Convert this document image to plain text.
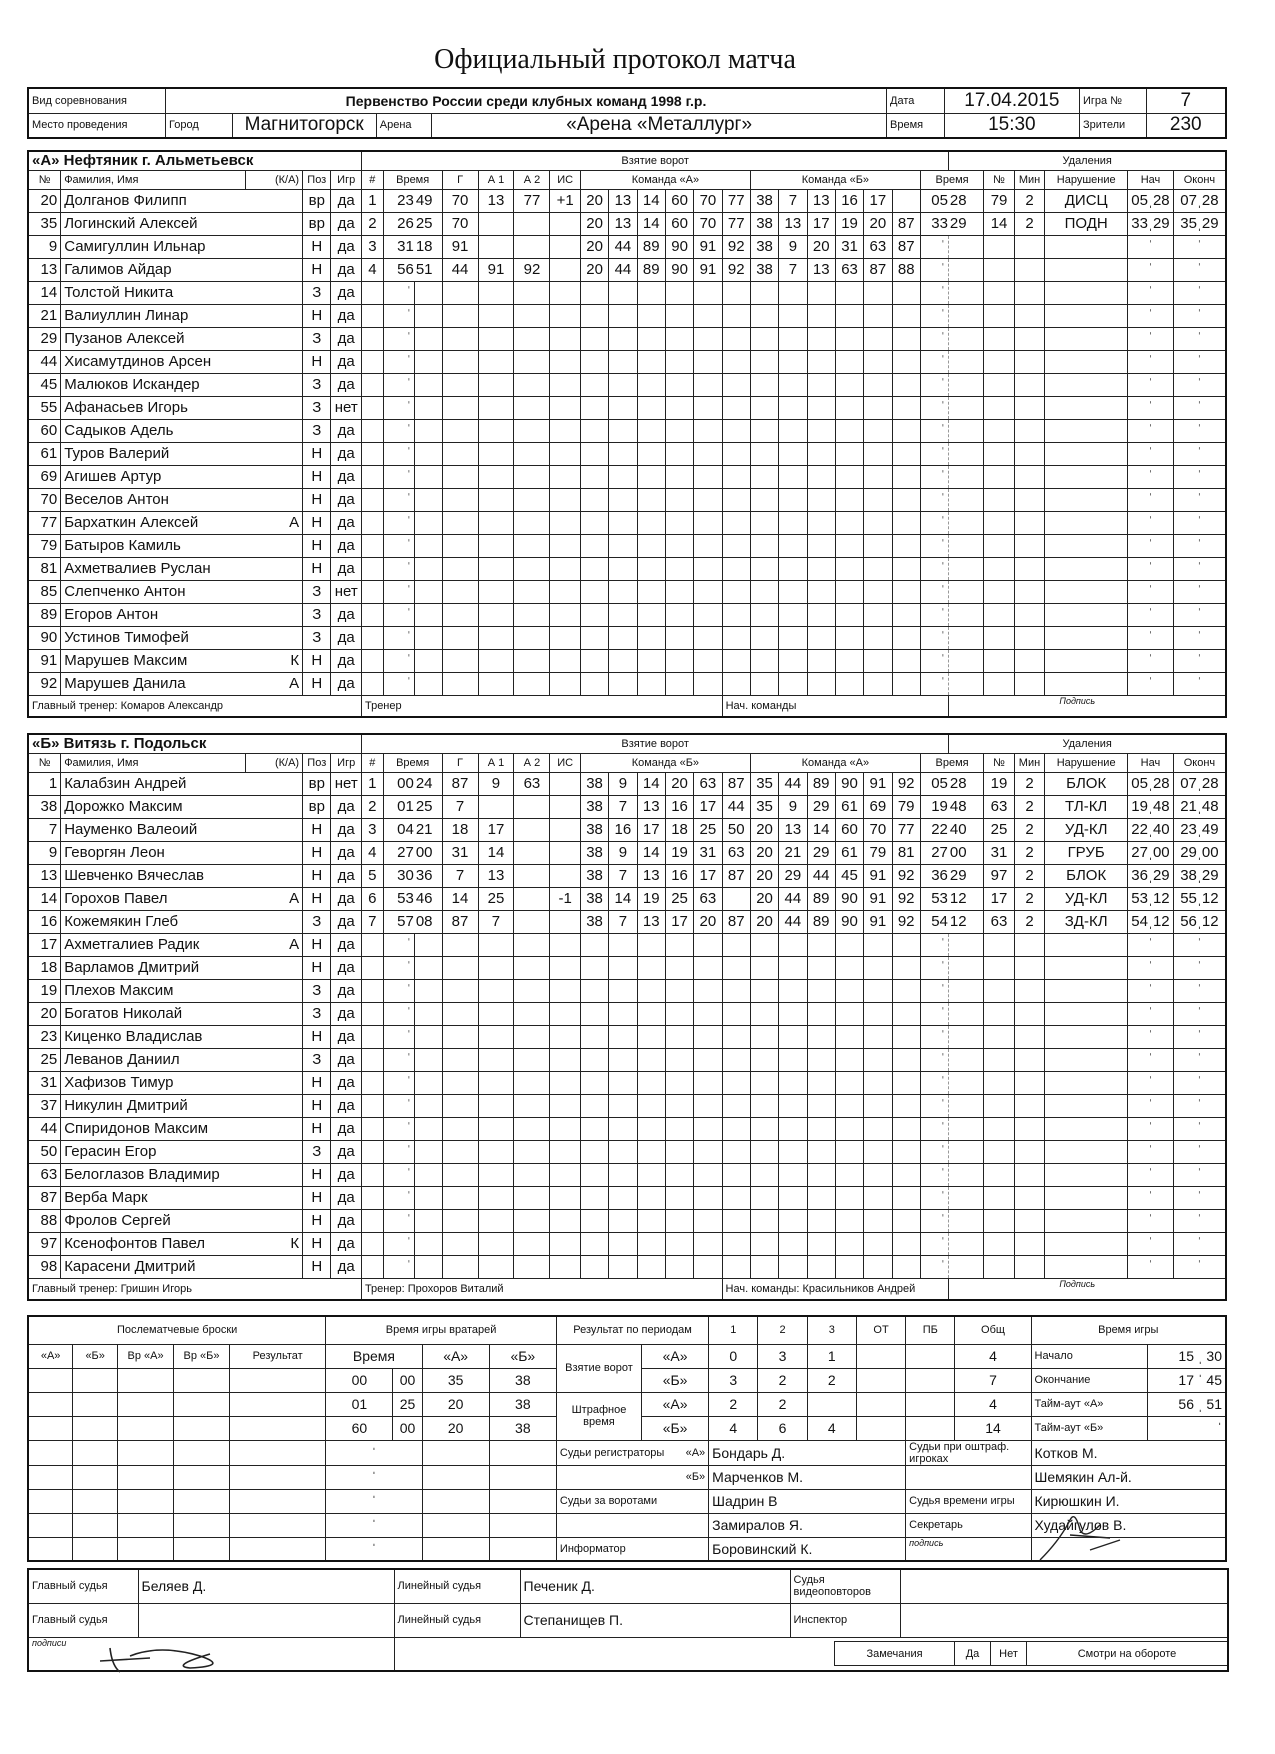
Официальный протокол матча
Вид соревнования	Первенство России среди клубных команд 1998 г.р.				Дата	17.04.2015	Игра №	7
Место проведения	Город	Магнитогорск	Арена	«Арена «Металлург»	Время	15:30	Зрители	230
«А» Нефтяник г. Альметьевск					Взятие ворот																				Удаления					
№	Фамилия, Имя	(К/А)	Поз	Игр	#	Время		Г	А 1	А 2	ИС	Команда «А»						Команда «Б»						Время		№	Мин	Нарушение	Нач	Оконч
20	Долганов Филипп		вр	да	1	23	49	70	13	77	+1	20	13	14	60	70	77	38	7	13	16	17		05	28	79	2	ДИСЦ	05ˌ28	07ˌ28
35	Логинский Алексей		вр	да	2	26	25	70				20	13	14	60	70	77	38	13	17	19	20	87	33	29	14	2	ПОДН	33ˌ29	35ˌ29
9	Самигуллин Ильнар		Н	да	3	31	18	91				20	44	89	90	91	92	38	9	20	31	63	87	ˈ					ˈ	ˈ
13	Галимов Айдар		Н	да	4	56	51	44	91	92		20	44	89	90	91	92	38	7	13	63	87	88	ˈ					ˈ	ˈ
14	Толстой Никита		З	да		ˈ																		ˈ					ˈ	ˈ
21	Валиуллин Линар		Н	да		ˈ																		ˈ					ˈ	ˈ
29	Пузанов Алексей		З	да		ˈ																		ˈ					ˈ	ˈ
44	Хисамутдинов Арсен		Н	да		ˈ																		ˈ					ˈ	ˈ
45	Малюков Искандер		З	да		ˈ																		ˈ					ˈ	ˈ
55	Афанасьев Игорь		З	нет		ˈ																		ˈ					ˈ	ˈ
60	Садыков Адель		З	да		ˈ																		ˈ					ˈ	ˈ
61	Туров Валерий		Н	да		ˈ																		ˈ					ˈ	ˈ
69	Агишев Артур		Н	да		ˈ																		ˈ					ˈ	ˈ
70	Веселов Антон		Н	да		ˈ																		ˈ					ˈ	ˈ
77	Бархаткин Алексей	А	Н	да		ˈ																		ˈ					ˈ	ˈ
79	Батыров Камиль		Н	да		ˈ																		ˈ					ˈ	ˈ
81	Ахметвалиев Руслан		Н	да		ˈ																		ˈ					ˈ	ˈ
85	Слепченко Антон		З	нет		ˈ																		ˈ					ˈ	ˈ
89	Егоров Антон		З	да		ˈ																		ˈ					ˈ	ˈ
90	Устинов Тимофей		З	да		ˈ																		ˈ					ˈ	ˈ
91	Марушев Максим	К	Н	да		ˈ																		ˈ					ˈ	ˈ
92	Марушев Данила	А	Н	да		ˈ																		ˈ					ˈ	ˈ
Главный тренер: Комаров Александр					Тренер												Нач. команды								Подпись					
«Б» Витязь г. Подольск					Взятие ворот																				Удаления					
№	Фамилия, Имя	(К/А)	Поз	Игр	#	Время		Г	А 1	А 2	ИС	Команда «Б»						Команда «А»						Время		№	Мин	Нарушение	Нач	Оконч
1	Калабзин Андрей		вр	нет	1	00	24	87	9	63		38	9	14	20	63	87	35	44	89	90	91	92	05	28	19	2	БЛОК	05ˌ28	07ˌ28
38	Дорожко Максим		вр	да	2	01	25	7				38	7	13	16	17	44	35	9	29	61	69	79	19	48	63	2	ТЛ-КЛ	19ˌ48	21ˌ48
7	Науменко Валеоий		Н	да	3	04	21	18	17			38	16	17	18	25	50	20	13	14	60	70	77	22	40	25	2	УД-КЛ	22ˌ40	23ˌ49
9	Геворгян Леон		Н	да	4	27	00	31	14			38	9	14	19	31	63	20	21	29	61	79	81	27	00	31	2	ГРУБ	27ˌ00	29ˌ00
13	Шевченко Вячеслав		Н	да	5	30	36	7	13			38	7	13	16	17	87	20	29	44	45	91	92	36	29	97	2	БЛОК	36ˌ29	38ˌ29
14	Горохов Павел	А	Н	да	6	53	46	14	25		-1	38	14	19	25	63		20	44	89	90	91	92	53	12	17	2	УД-КЛ	53ˌ12	55ˌ12
16	Кожемякин Глеб		З	да	7	57	08	87	7			38	7	13	17	20	87	20	44	89	90	91	92	54	12	63	2	ЗД-КЛ	54ˌ12	56ˌ12
17	Ахметгалиев Радик	А	Н	да		ˈ																		ˈ					ˈ	ˈ
18	Варламов Дмитрий		Н	да		ˈ																		ˈ					ˈ	ˈ
19	Плехов Максим		З	да		ˈ																		ˈ					ˈ	ˈ
20	Богатов Николай		З	да		ˈ																		ˈ					ˈ	ˈ
23	Киценко Владислав		Н	да		ˈ																		ˈ					ˈ	ˈ
25	Леванов Даниил		З	да		ˈ																		ˈ					ˈ	ˈ
31	Хафизов Тимур		Н	да		ˈ																		ˈ					ˈ	ˈ
37	Никулин Дмитрий		Н	да		ˈ																		ˈ					ˈ	ˈ
44	Спиридонов Максим		Н	да		ˈ																		ˈ					ˈ	ˈ
50	Герасин Егор		З	да		ˈ																		ˈ					ˈ	ˈ
63	Белоглазов Владимир		Н	да		ˈ																		ˈ					ˈ	ˈ
87	Верба Марк		Н	да		ˈ																		ˈ					ˈ	ˈ
88	Фролов Сергей		Н	да		ˈ																		ˈ					ˈ	ˈ
97	Ксенофонтов Павел	К	Н	да		ˈ																		ˈ					ˈ	ˈ
98	Карасени Дмитрий		Н	да		ˈ																		ˈ					ˈ	ˈ
Главный тренер: Гришин Игорь					Тренер: Прохоров Виталий												Нач. команды: Красильников Андрей								Подпись					
Послематчевые броски					Время игры вратарей				Результат по периодам		1	2	3	ОТ	ПБ	Общ	Время игры	
«А»	«Б»	Вр «А»	Вр «Б»	Результат	Время		«А»	«Б»	Взятие ворот	«А»	0	3	1			4	Начало	15 ˌ 30
					00	00	35	38		«Б»	3	2	2			7	Окончание	17 ˈ 45
					01	25	20	38	Штрафное время	«А»	2	2				4	Тайм-аут «А»	56 ˌ 51
					60	00	20	38		«Б»	4	6	4			14	Тайм-аут «Б»	ˈ
					ˈ				Судьи регистраторы «А»		Бондарь Д.				Судьи при оштраф. игроках		Котков М.	
					ˈ				«Б»		Марченков М.						Шемякин Ал-й.	
					ˈ				Судьи за воротами		Шадрин В				Судья времени игры		Кирюшкин И.	
					ˈ						Замиралов Я.				Секретарь		Худайгулов В.	
					ˈ				Информатор		Боровинский К.				подпись			
Главный судья	Беляев Д.	Линейный судья	Печеник Д.	Судья видеоповторов	
Главный судья		Линейный судья	Степанищев П.	Инспектор	
подписи	
	Замечания	Да	Нет	Смотри на обороте
